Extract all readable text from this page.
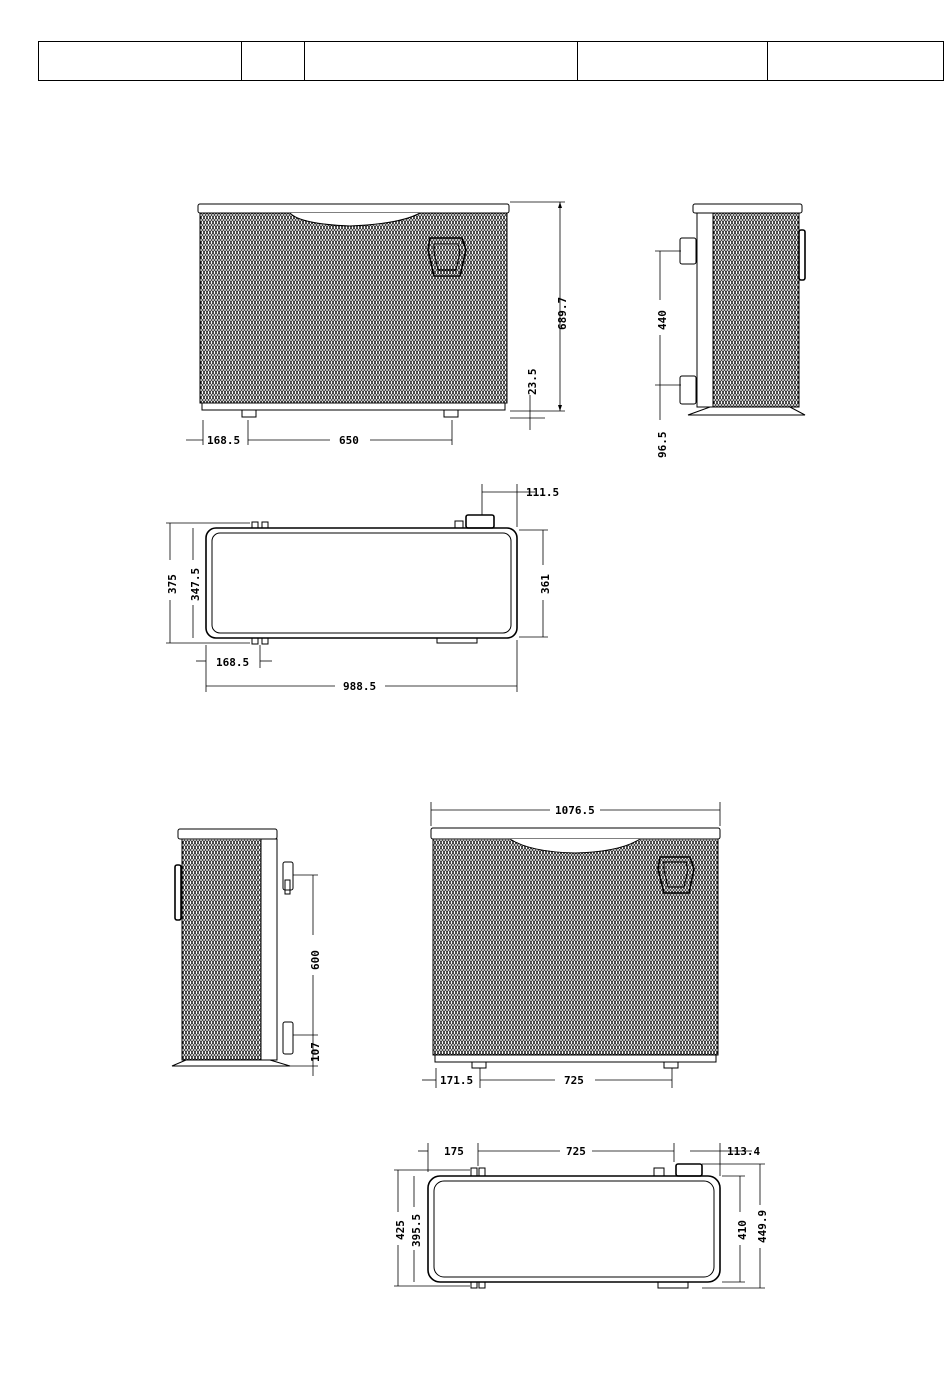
689.7
23.5
168.5	650
440
96.5
375 347.5
168.5
988.5
111.5
361
600
107
1076.5
171.5	725
175	725	113.4
425 395.5	410 449.9
